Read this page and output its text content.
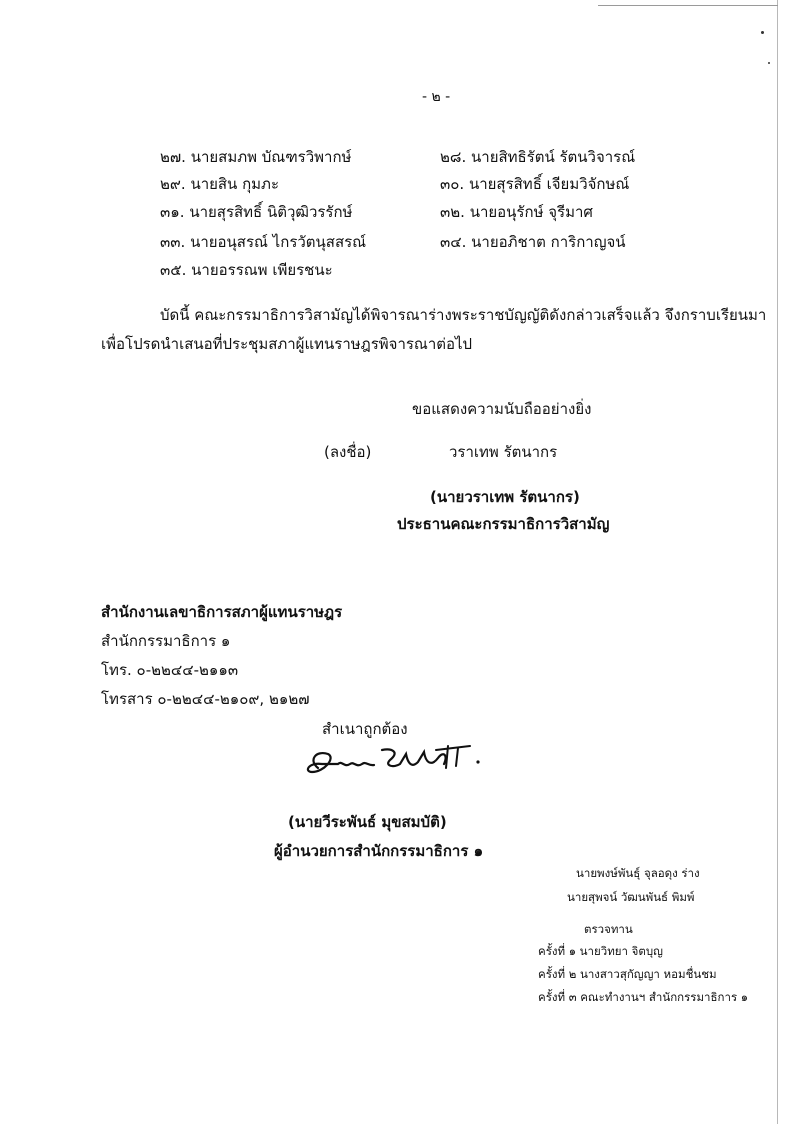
- ๒ -
๒๗. นายสมภพ บัณฑรวิพากษ์	๒๘. นายสิทธิรัตน์ รัตนวิจารณ์
๒๙. นายสิน กุมภะ	๓๐. นายสุรสิทธิ์ เจียมวิจักษณ์
๓๑. นายสุรสิทธิ์ นิติวุฒิวรรักษ์	๓๒. นายอนุรักษ์ จุรีมาศ
๓๓. นายอนุสรณ์ ไกรวัตนุสสรณ์	๓๔. นายอภิชาต การิกาญจน์
๓๕. นายอรรณพ เพียรชนะ
บัดนี้ คณะกรรมาธิการวิสามัญได้พิจารณาร่างพระราชบัญญัติดังกล่าวเสร็จแล้ว จึงกราบเรียนมา
เพื่อโปรดนำเสนอที่ประชุมสภาผู้แทนราษฎรพิจารณาต่อไป
ขอแสดงความนับถืออย่างยิ่ง
(ลงชื่อ)	วราเทพ รัตนากร
(นายวราเทพ รัตนากร)
ประธานคณะกรรมาธิการวิสามัญ
สำนักงานเลขาธิการสภาผู้แทนราษฎร
สำนักกรรมาธิการ ๑
โทร. ๐-๒๒๔๔-๒๑๑๓
โทรสาร ๐-๒๒๔๔-๒๑๐๙, ๒๑๒๗
สำเนาถูกต้อง
(นายวีระพันธ์ มุขสมบัติ)
ผู้อำนวยการสำนักกรรมาธิการ ๑
นายพงษ์พันธุ์ จุลอดุง ร่าง
นายสุพจน์ วัฒนพันธ์ พิมพ์
ตรวจทาน
ครั้งที่ ๑ นายวิทยา จิตบุญ
ครั้งที่ ๒ นางสาวสุกัญญา หอมชื่นชม
ครั้งที่ ๓ คณะทำงานฯ สำนักกรรมาธิการ ๑
